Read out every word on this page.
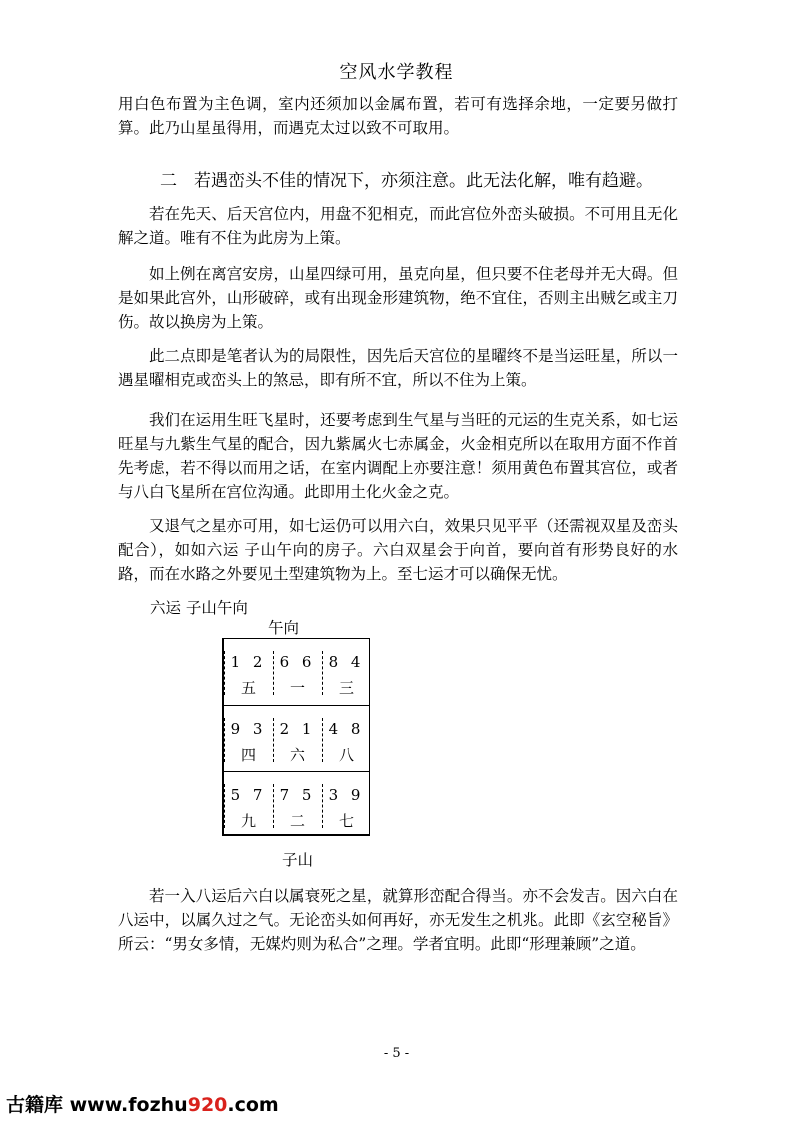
空风水学教程
用白色布置为主色调，室内还须加以金属布置，若可有选择余地，一定要另做打算。此乃山星虽得用，而遇克太过以致不可取用。
二　若遇峦头不佳的情况下，亦须注意。此无法化解，唯有趋避。
若在先天、后天宫位内，用盘不犯相克，而此宫位外峦头破损。不可用且无化解之道。唯有不住为此房为上策。
如上例在离宫安房，山星四绿可用，虽克向星，但只要不住老母并无大碍。但是如果此宫外，山形破碎，或有出现金形建筑物，绝不宜住，否则主出贼乞或主刀伤。故以换房为上策。
此二点即是笔者认为的局限性，因先后天宫位的星曜终不是当运旺星，所以一遇星曜相克或峦头上的煞忌，即有所不宜，所以不住为上策。
我们在运用生旺飞星时，还要考虑到生气星与当旺的元运的生克关系，如七运旺星与九紫生气星的配合，因九紫属火七赤属金，火金相克所以在取用方面不作首先考虑，若不得以而用之话，在室内调配上亦要注意！须用黄色布置其宫位，或者与八白飞星所在宫位沟通。此即用土化火金之克。
又退气之星亦可用，如七运仍可以用六白，效果只见平平（还需视双星及峦头配合），如如六运 子山午向的房子。六白双星会于向首，要向首有形势良好的水路，而在水路之外要见土型建筑物为上。至七运才可以确保无忧。
六运 子山午向
午向
1 2
五
6 6
一
8 4
三
9 3
四
2 1
六
4 8
八
5 7
九
7 5
二
3 9
七
子山
若一入八运后六白以属衰死之星，就算形峦配合得当。亦不会发吉。因六白在八运中，以属久过之气。无论峦头如何再好，亦无发生之机兆。此即《玄空秘旨》所云：“男女多情，无媒灼则为私合”之理。学者宜明。此即“形理兼顾”之道。
- 5 -
古籍库 www.fozhu920.com
